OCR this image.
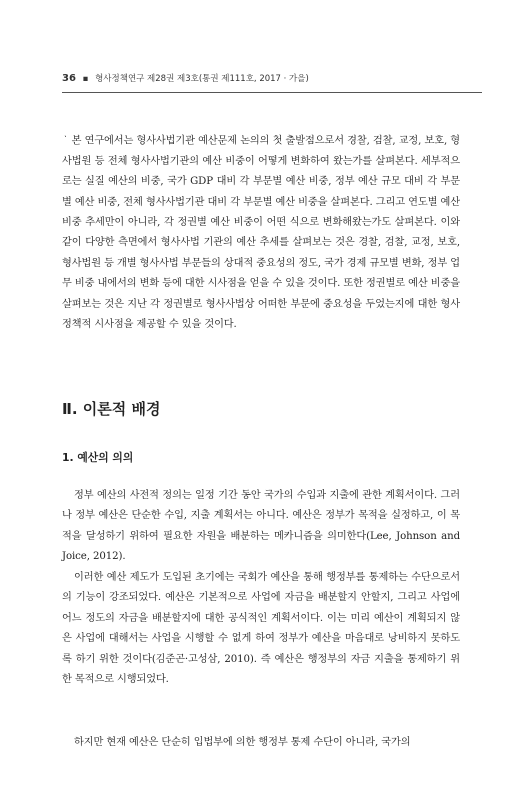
36 ▪ 형사정책연구 제28권 제3호(통권 제111호, 2017 · 가을)
$^ㆍ$ 본 연구에서는 형사사법기관 예산문제 논의의 첫 출발점으로서 경찰, 검찰, 교정, 보호, 형사법원 등 전체 형사사법기관의 예산 비중이 어떻게 변화하여 왔는가를 살펴본다. 세부적으로는 실질 예산의 비중, 국가 GDP 대비 각 부문별 예산 비중, 정부 예산 규모 대비 각 부문별 예산 비중, 전체 형사사법기관 대비 각 부문별 예산 비중을 살펴본다. 그리고 연도별 예산 비중 추세만이 아니라, 각 정권별 예산 비중이 어떤 식으로 변화해왔는가도 살펴본다. 이와 같이 다양한 측면에서 형사사법 기관의 예산 추세를 살펴보는 것은 경찰, 검찰, 교정, 보호, 형사법원 등 개별 형사사법 부문들의 상대적 중요성의 정도, 국가 경제 규모별 변화, 정부 업무 비중 내에서의 변화 등에 대한 시사점을 얻을 수 있을 것이다. 또한 정권별로 예산 비중을 살펴보는 것은 지난 각 정권별로 형사사법상 어떠한 부문에 중요성을 두었는지에 대한 형사정책적 시사점을 제공할 수 있을 것이다.
Ⅱ. 이론적 배경
1. 예산의 의의
정부 예산의 사전적 정의는 일정 기간 동안 국가의 수입과 지출에 관한 계획서이다. 그러나 정부 예산은 단순한 수입, 지출 계획서는 아니다. 예산은 정부가 목적을 실정하고, 이 목적을 달성하기 위하여 필요한 자원을 배분하는 메카니즘을 의미한다(Lee, Johnson and Joice, 2012).
이러한 예산 제도가 도입된 초기에는 국회가 예산을 통해 행정부를 통제하는 수단으로서의 기능이 강조되었다. 예산은 기본적으로 사업에 자금을 배분할지 안할지, 그리고 사업에 어느 정도의 자금을 배분할지에 대한 공식적인 계획서이다. 이는 미리 예산이 계획되지 않은 사업에 대해서는 사업을 시행할 수 없게 하여 정부가 예산을 마음대로 낭비하지 못하도록 하기 위한 것이다(김준곤·고성삼, 2010). 즉 예산은 행정부의 자금 지출을 통제하기 위한 목적으로 시행되었다.
하지만 현재 예산은 단순히 입법부에 의한 행정부 통제 수단이 아니라, 국가의
